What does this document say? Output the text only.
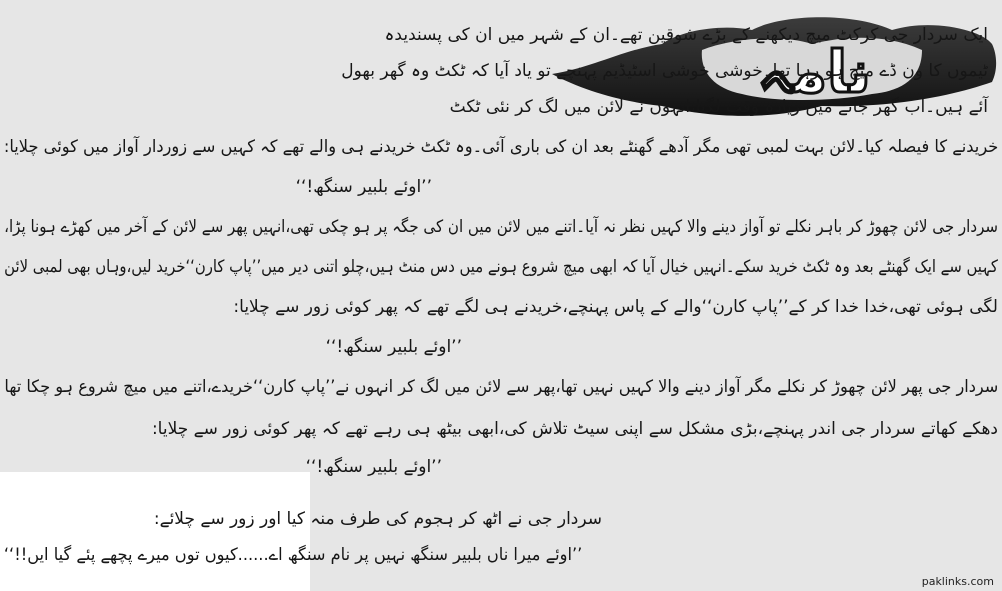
نامہ
ایک سردار جی کرکٹ میچ دیکھنے کے بڑے شوقین تھے۔ان کے شہر میں ان کی پسندیدہ
ٹیموں کا ون ڈے میچ ہو رہا تھا۔خوشی خوشی اسٹیڈیم پہنچے تو یاد آیا کہ ٹکٹ وہ گھر بھول
آئے ہیں۔اب گھر جانے میں زیادہ وقت لگتا،انہوں نے لائن میں لگ کر نئی ٹکٹ
خریدنے کا فیصلہ کیا۔لائن بہت لمبی تھی مگر آدھے گھنٹے بعد ان کی باری آئی۔وہ ٹکٹ خریدنے ہی والے تھے کہ کہیں سے زوردار آواز میں کوئی چلایا:
’’اوئے بلبیر سنگھ!‘‘
سردار جی لائن چھوڑ کر باہر نکلے تو آواز دینے والا کہیں نظر نہ آیا۔اتنے میں لائن میں ان کی جگہ پر ہو چکی تھی،انہیں پھر سے لائن کے آخر میں کھڑے ہونا پڑا،
کہیں سے ایک گھنٹے بعد وہ ٹکٹ خرید سکے۔انہیں خیال آیا کہ ابھی میچ شروع ہونے میں دس منٹ ہیں،چلو اتنی دیر میں’’پاپ کارن‘‘خرید لیں،وہاں بھی لمبی لائن
لگی ہوئی تھی،خدا خدا کر کے’’پاپ کارن‘‘والے کے پاس پہنچے،خریدنے ہی لگے تھے کہ پھر کوئی زور سے چلایا:
’’اوئے بلبیر سنگھ!‘‘
سردار جی پھر لائن چھوڑ کر نکلے مگر آواز دینے والا کہیں نہیں تھا،پھر سے لائن میں لگ کر انہوں نے’’پاپ کارن‘‘خریدے،اتنے میں میچ شروع ہو چکا تھا
دھکے کھاتے سردار جی اندر پہنچے،بڑی مشکل سے اپنی سیٹ تلاش کی،ابھی بیٹھ ہی رہے تھے کہ پھر کوئی زور سے چلایا:
’’اوئے بلبیر سنگھ!‘‘
سردار جی نے اٹھ کر ہجوم کی طرف منہ کیا اور زور سے چلائے:
’’اوئے میرا ناں بلبیر سنگھ نہیں پر نام سنگھ اے......کیوں توں میرے پچھے پئے گیا ایں!!‘‘
paklinks.com
